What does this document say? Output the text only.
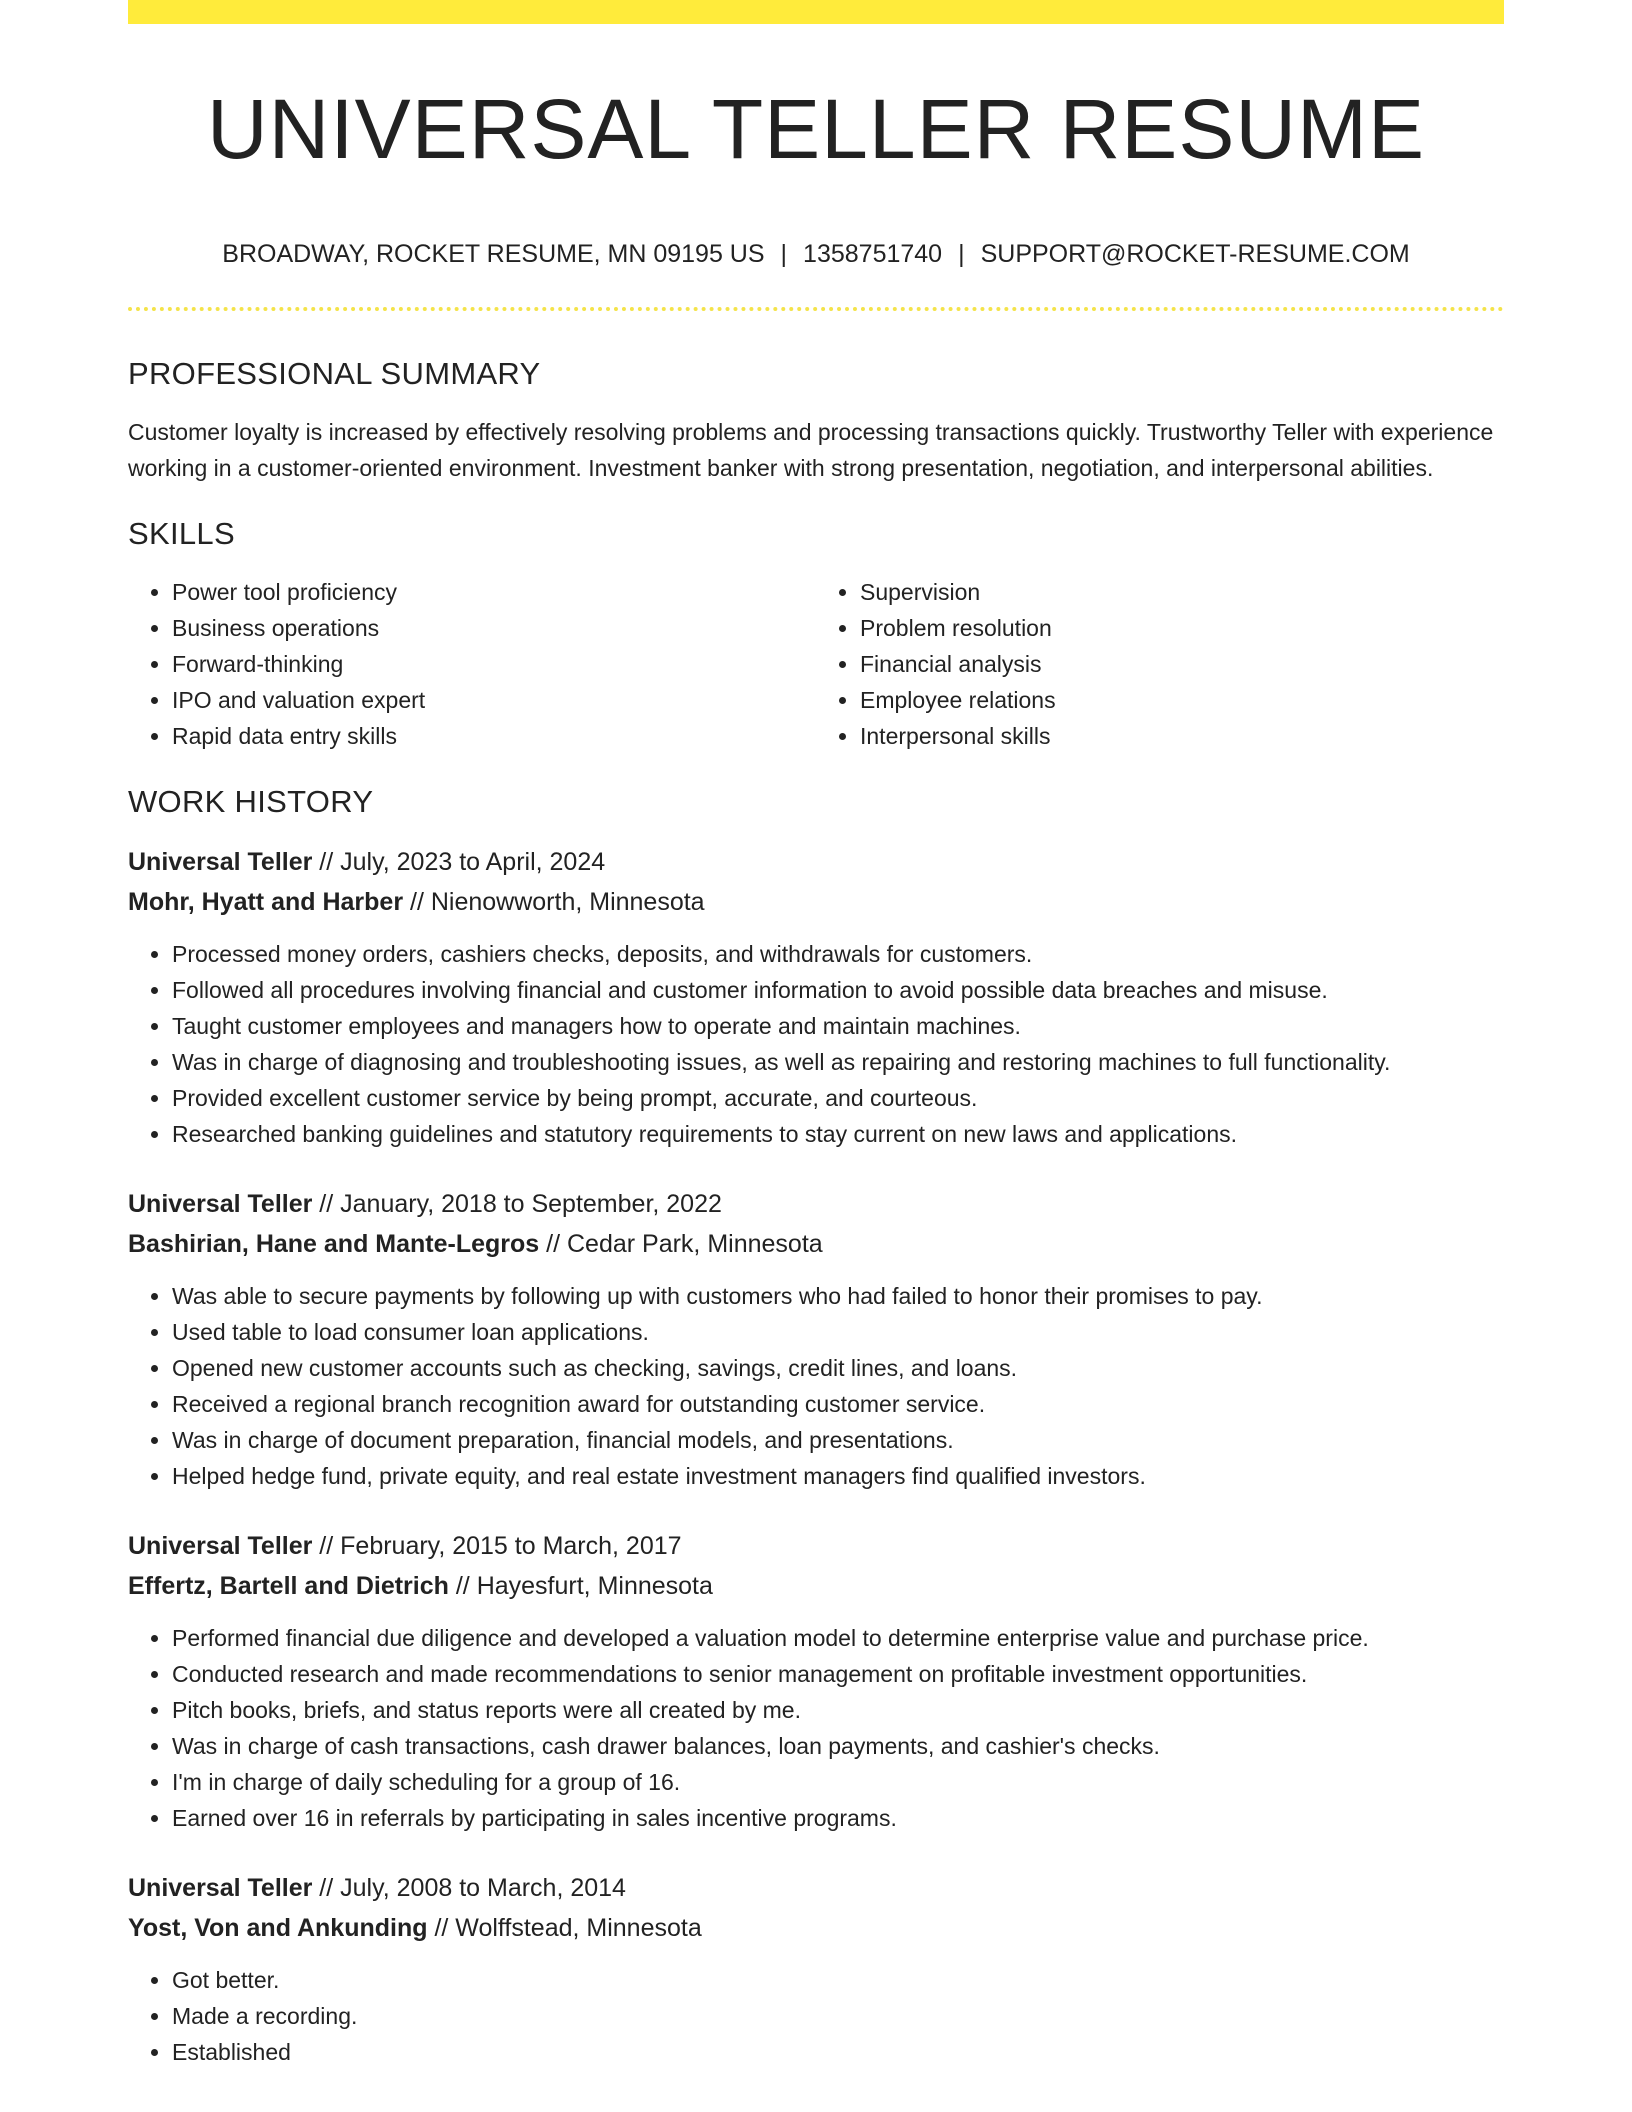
UNIVERSAL TELLER RESUME
BROADWAY, ROCKET RESUME, MN 09195 US | 1358751740 | SUPPORT@ROCKET-RESUME.COM
PROFESSIONAL SUMMARY

Customer loyalty is increased by effectively resolving problems and processing transactions quickly. Trustworthy Teller with experience working in a customer-oriented environment. Investment banker with strong presentation, negotiation, and interpersonal abilities.

SKILLS
• Power tool proficiency
• Business operations
• Forward-thinking
• IPO and valuation expert
• Rapid data entry skills
• Supervision
• Problem resolution
• Financial analysis
• Employee relations
• Interpersonal skills
WORK HISTORY
Universal Teller // July, 2023 to April, 2024
Mohr, Hyatt and Harber // Nienowworth, Minnesota
• Processed money orders, cashiers checks, deposits, and withdrawals for customers.
• Followed all procedures involving financial and customer information to avoid possible data breaches and misuse.
• Taught customer employees and managers how to operate and maintain machines.
• Was in charge of diagnosing and troubleshooting issues, as well as repairing and restoring machines to full functionality.
• Provided excellent customer service by being prompt, accurate, and courteous.
• Researched banking guidelines and statutory requirements to stay current on new laws and applications.
Universal Teller // January, 2018 to September, 2022
Bashirian, Hane and Mante-Legros // Cedar Park, Minnesota
• Was able to secure payments by following up with customers who had failed to honor their promises to pay.
• Used table to load consumer loan applications.
• Opened new customer accounts such as checking, savings, credit lines, and loans.
• Received a regional branch recognition award for outstanding customer service.
• Was in charge of document preparation, financial models, and presentations.
• Helped hedge fund, private equity, and real estate investment managers find qualified investors.
Universal Teller // February, 2015 to March, 2017
Effertz, Bartell and Dietrich // Hayesfurt, Minnesota
• Performed financial due diligence and developed a valuation model to determine enterprise value and purchase price.
• Conducted research and made recommendations to senior management on profitable investment opportunities.
• Pitch books, briefs, and status reports were all created by me.
• Was in charge of cash transactions, cash drawer balances, loan payments, and cashier's checks.
• I'm in charge of daily scheduling for a group of 16.
• Earned over 16 in referrals by participating in sales incentive programs.
Universal Teller // July, 2008 to March, 2014
Yost, Von and Ankunding // Wolffstead, Minnesota
• Got better.
• Made a recording.
• Established
